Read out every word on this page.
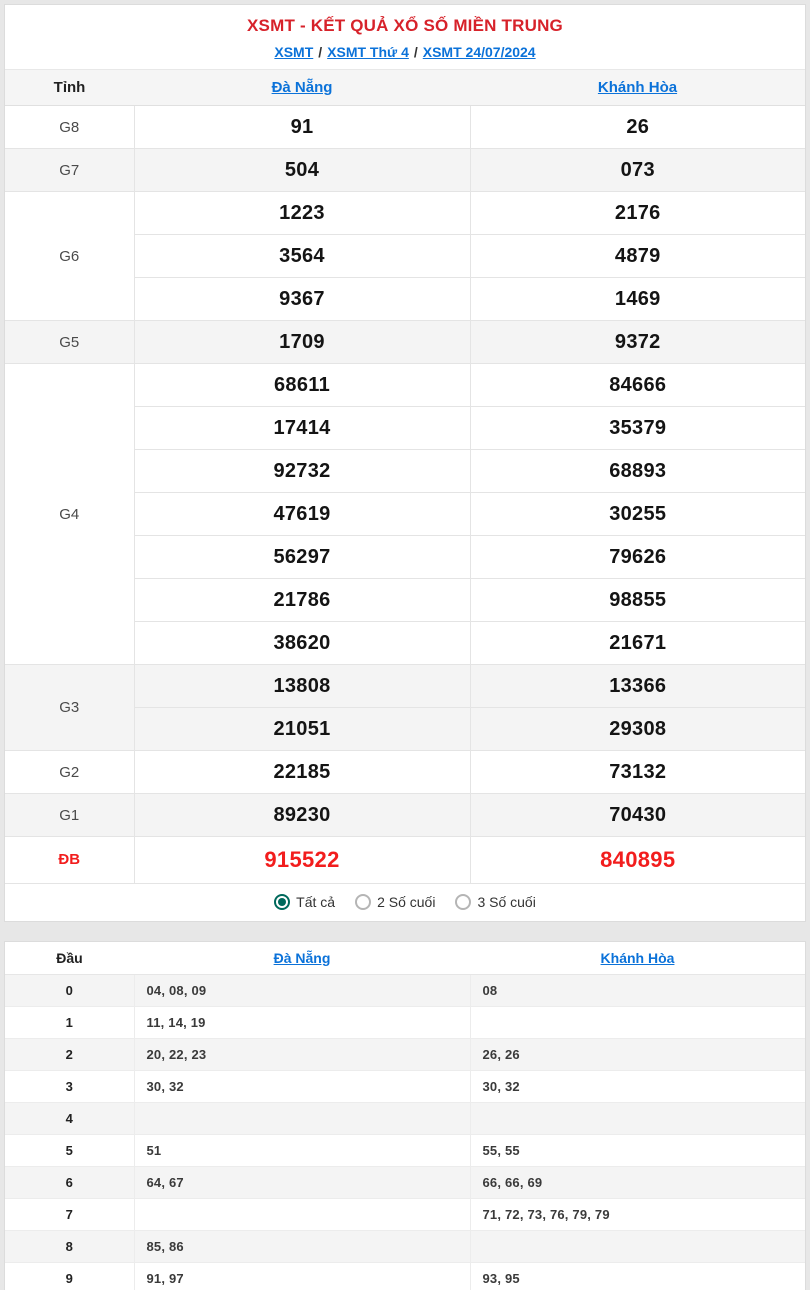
XSMT - KẾT QUẢ XỔ SỐ MIỀN TRUNG
XSMT / XSMT Thứ 4 / XSMT 24/07/2024
Tỉnh	Đà Nẵng	Khánh Hòa
G8	91	26
G7	504	073
G6	1223	2176
	3564	4879
	9367	1469
G5	1709	9372
G4	68611	84666
	17414	35379
	92732	68893
	47619	30255
	56297	79626
	21786	98855
	38620	21671
G3	13808	13366
	21051	29308
G2	22185	73132
G1	89230	70430
ĐB	915522	840895
Tất cả	2 Số cuối	3 Số cuối
Đầu	Đà Nẵng	Khánh Hòa
0	04, 08, 09	08
1	11, 14, 19	
2	20, 22, 23	26, 26
3	30, 32	30, 32
4		
5	51	55, 55
6	64, 67	66, 66, 69
7		71, 72, 73, 76, 79, 79
8	85, 86	
9	91, 97	93, 95
